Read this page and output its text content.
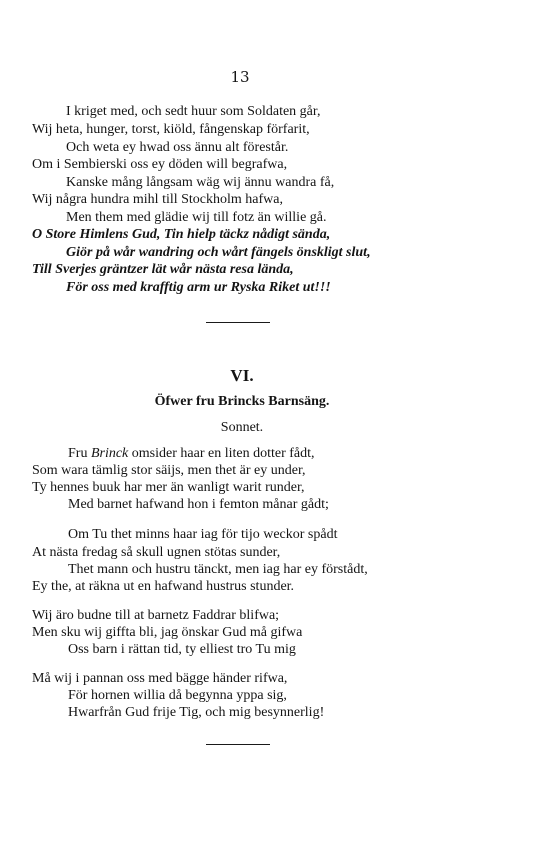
13
I kriget med, och sedt huur som Soldaten går,
Wij heta, hunger, torst, kiöld, fångenskap förfarit,
Och weta ey hwad oss ännu alt förestår.
Om i Sembierski oss ey döden will begrafwa,
Kanske mång långsam wäg wij ännu wandra få,
Wij några hundra mihl till Stockholm hafwa,
Men them med glädie wij till fotz än willie gå.
O Store Himlens Gud, Tin hielp täckz nådigt sända,
Giör på wår wandring och wårt fängels önskligt slut,
Till Sverjes gräntzer lät wår nästa resa lända,
För oss med krafftig arm ur Ryska Riket ut!!!
VI.
Öfwer fru Brincks Barnsäng.
Sonnet.
Fru Brinck omsider haar en liten dotter fådt,
Som wara tämlig stor säijs, men thet är ey under,
Ty hennes buuk har mer än wanligt warit runder,
Med barnet hafwand hon i femton månar gådt;
Om Tu thet minns haar iag för tijo weckor spådt
At nästa fredag så skull ugnen stötas sunder,
Thet mann och hustru tänckt, men iag har ey förstådt,
Ey the, at räkna ut en hafwand hustrus stunder.
Wij äro budne till at barnetz Faddrar blifwa;
Men sku wij giffta bli, jag önskar Gud må gifwa
Oss barn i rättan tid, ty elliest tro Tu mig
Må wij i pannan oss med bägge händer rifwa,
För hornen willia då begynna yppa sig,
Hwarfrån Gud frije Tig, och mig besynnerlig!
